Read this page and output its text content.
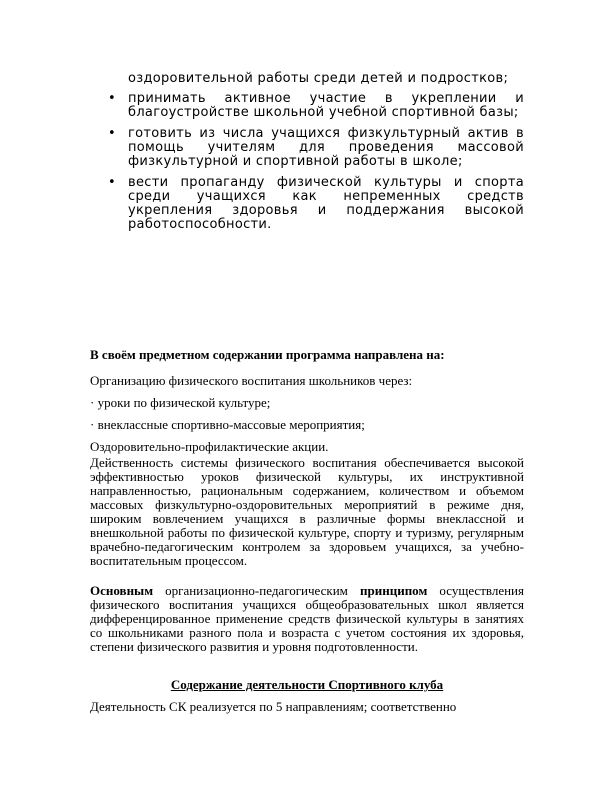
оздоровительной работы среди детей и подростков;
• принимать активное участие в укреплении и благоустройстве школьной учебной спортивной базы;
• готовить из числа учащихся физкультурный актив в помощь учителям для проведения массовой физкультурной и спортивной работы в школе;
• вести пропаганду физической культуры и спорта среди учащихся как непременных средств укрепления здоровья и поддержания высокой работоспособности.
В своём предметном содержании программа направлена на:
Организацию физического воспитания школьников через:
· уроки по физической культуре;
· внеклассные спортивно-массовые мероприятия;
Оздоровительно-профилактические акции.
Действенность системы физического воспитания обеспечивается высокой эффективностью уроков физической культуры, их инструктивной направленностью, рациональным содержанием, количеством и объемом массовых физкультурно-оздоровительных мероприятий в режиме дня, широким вовлечением учащихся в различные формы внеклассной и внешкольной работы по физической культуре, спорту и туризму, регулярным врачебно-педагогическим контролем за здоровьем учащихся, за учебно-воспитательным процессом.
Основным организационно-педагогическим принципом осуществления физического воспитания учащихся общеобразовательных школ является дифференцированное применение средств физической культуры в занятиях со школьниками разного пола и возраста с учетом состояния их здоровья, степени физического развития и уровня подготовленности.
Содержание деятельности Спортивного клуба
Деятельность СК реализуется по 5 направлениям; соответственно
